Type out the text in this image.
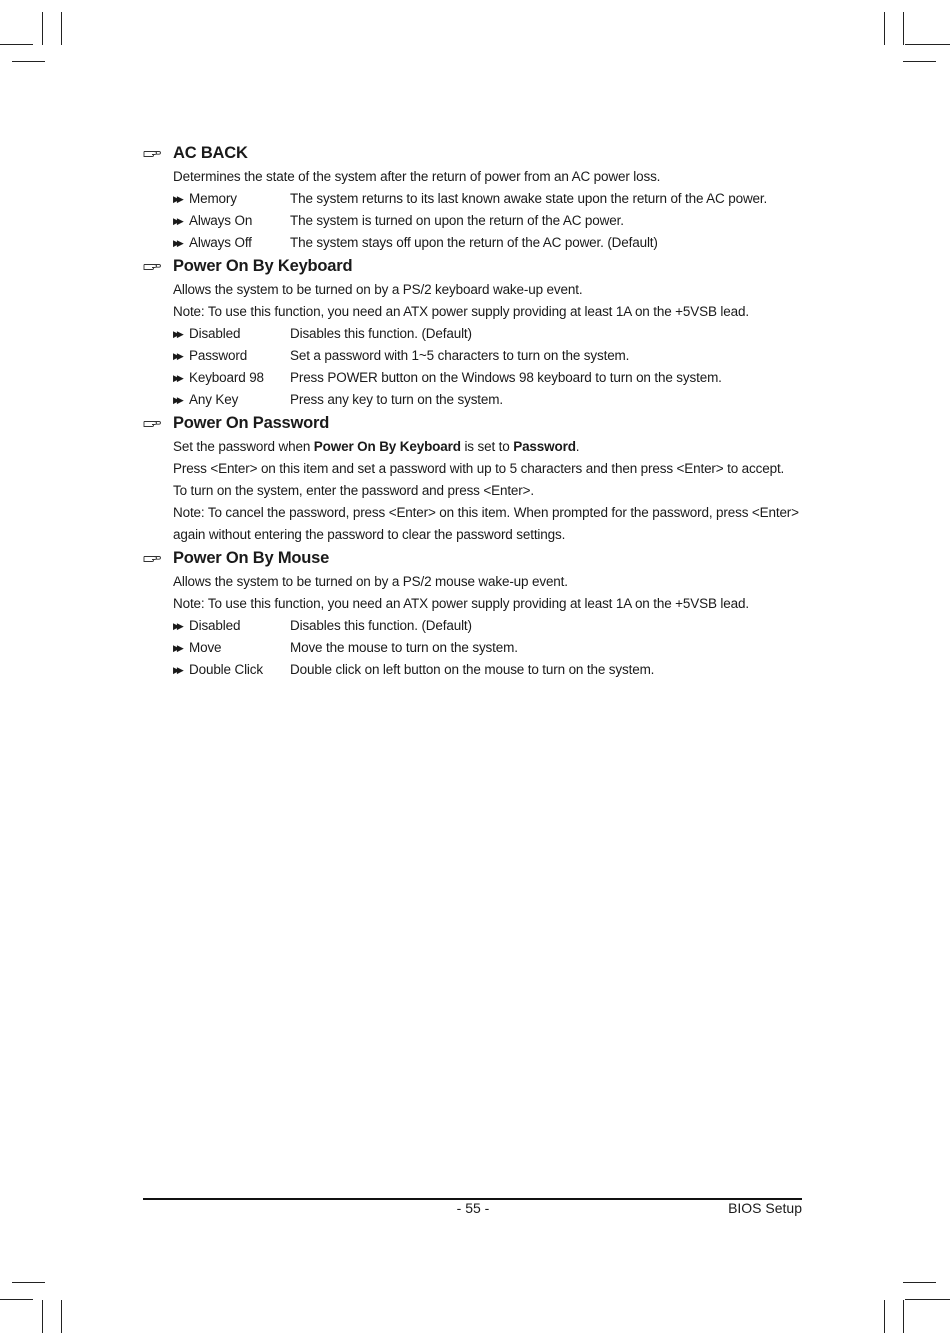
AC BACK
Determines the state of the system after the return of power from an AC power loss.
▶▶ Memory	The system returns to its last known awake state upon the return of the AC power.
▶▶ Always On	The system is turned on upon the return of the AC power.
▶▶ Always Off	The system stays off upon the return of the AC power. (Default)
Power On By Keyboard
Allows the system to be turned on by a PS/2 keyboard wake-up event.
Note: To use this function, you need an ATX power supply providing at least 1A on the +5VSB lead.
▶▶ Disabled	Disables this function. (Default)
▶▶ Password	Set a password with 1~5 characters to turn on the system.
▶▶ Keyboard 98	Press POWER button on the Windows 98 keyboard to turn on the system.
▶▶ Any Key	Press any key to turn on the system.
Power On Password
Set the password when Power On By Keyboard is set to Password.
Press <Enter> on this item and set a password with up to 5 characters and then press <Enter> to accept.
To turn on the system, enter the password and press <Enter>.
Note: To cancel the password, press <Enter> on this item. When prompted for the password, press <Enter>
again without entering the password to clear the password settings.
Power On By Mouse
Allows the system to be turned on by a PS/2 mouse wake-up event.
Note: To use this function, you need an ATX power supply providing at least 1A on the +5VSB lead.
▶▶ Disabled	Disables this function. (Default)
▶▶ Move	Move the mouse to turn on the system.
▶▶ Double Click	Double click on left button on the mouse to turn on the system.
- 55 -	BIOS Setup
